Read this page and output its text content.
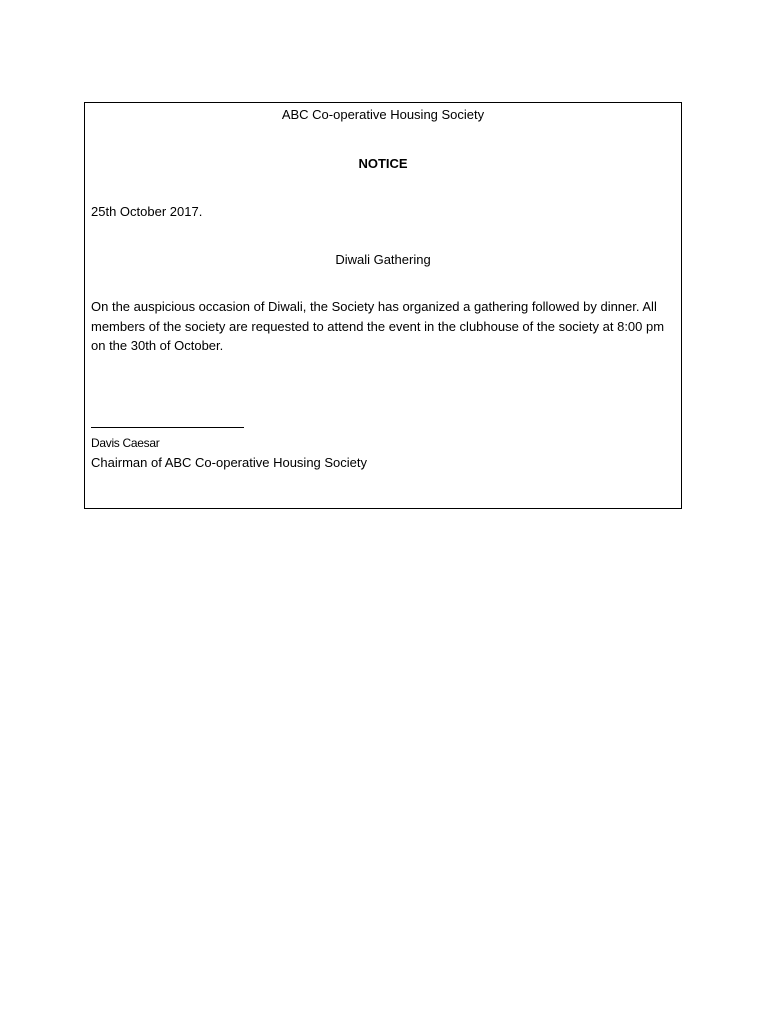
ABC Co-operative Housing Society
NOTICE
25th October 2017.
Diwali Gathering
On the auspicious occasion of Diwali, the Society has organized a gathering followed by dinner. All members of the society are requested to attend the event in the clubhouse of the society at 8:00 pm on the 30th of October.
Davis Caesar
Chairman of ABC Co-operative Housing Society
